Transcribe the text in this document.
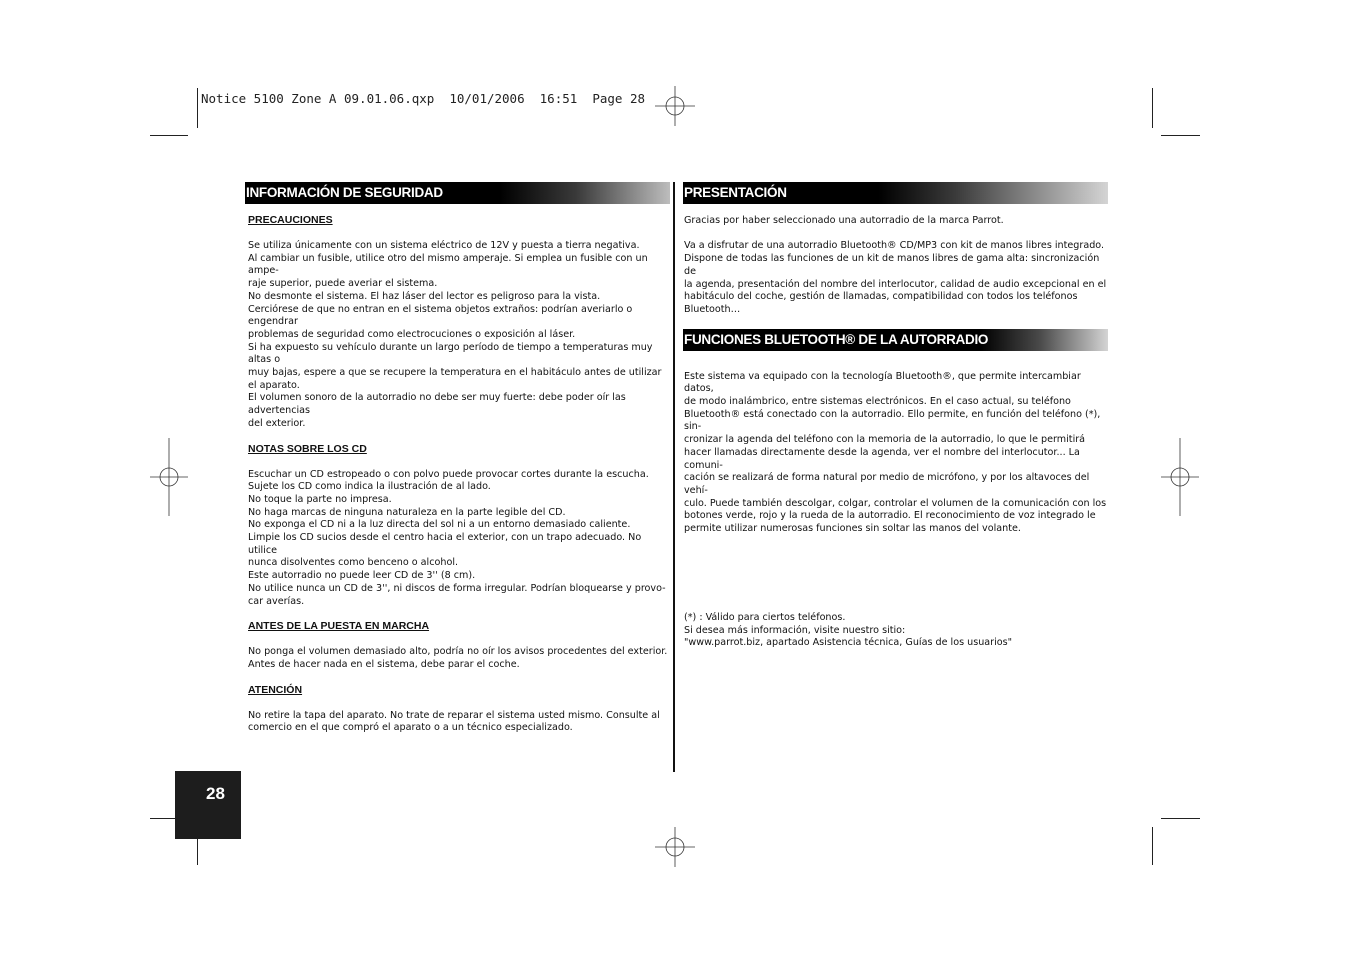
Notice 5100 Zone A 09.01.06.qxp  10/01/2006  16:51  Page 28
INFORMACIÓN DE SEGURIDAD

PRECAUCIONES

Se utiliza únicamente con un sistema eléctrico de 12V y puesta a tierra negativa.

Al cambiar un fusible, utilice otro del mismo amperaje. Si emplea un fusible con un ampe-

raje superior, puede averiar el sistema.

No desmonte el sistema. El haz láser del lector es peligroso para la vista.

Cerciórese de que no entran en el sistema objetos extraños: podrían averiarlo o engendrar

problemas de seguridad como electrocuciones o exposición al láser.

Si ha expuesto su vehículo durante un largo período de tiempo a temperaturas muy altas o

muy bajas, espere a que se recupere la temperatura en el habitáculo antes de utilizar

el aparato.

El volumen sonoro de la autorradio no debe ser muy fuerte: debe poder oír las advertencias

del exterior.

NOTAS SOBRE LOS CD

Escuchar un CD estropeado o con polvo puede provocar cortes durante la escucha.

Sujete los CD como indica la ilustración de al lado.

No toque la parte no impresa.

No haga marcas de ninguna naturaleza en la parte legible del CD.

No exponga el CD ni a la luz directa del sol ni a un entorno demasiado caliente.

Limpie los CD sucios desde el centro hacia el exterior, con un trapo adecuado. No utilice

nunca disolventes como benceno o alcohol.

Este autorradio no puede leer CD de 3'' (8 cm).

No utilice nunca un CD de 3'', ni discos de forma irregular. Podrían bloquearse y provo-

car averías.

ANTES DE LA PUESTA EN MARCHA

No ponga el volumen demasiado alto, podría no oír los avisos procedentes del exterior.

Antes de hacer nada en el sistema, debe parar el coche.

ATENCIÓN

No retire la tapa del aparato. No trate de reparar el sistema usted mismo. Consulte al

comercio en el que compró el aparato o a un técnico especializado.

PRESENTACIÓN

Gracias por haber seleccionado una autorradio de la marca Parrot.

Va a disfrutar de una autorradio Bluetooth® CD/MP3 con kit de manos libres integrado.

Dispone de todas las funciones de un kit de manos libres de gama alta: sincronización de

la agenda, presentación del nombre del interlocutor, calidad de audio excepcional en el

habitáculo del coche, gestión de llamadas, compatibilidad con todos los teléfonos

Bluetooth…

FUNCIONES BLUETOOTH® DE LA AUTORRADIO

Este sistema va equipado con la tecnología Bluetooth®, que permite intercambiar datos,

de modo inalámbrico, entre sistemas electrónicos. En el caso actual, su teléfono

Bluetooth® está conectado con la autorradio. Ello permite, en función del teléfono (*), sin-

cronizar la agenda del teléfono con la memoria de la autorradio, lo que le permitirá

hacer llamadas directamente desde la agenda, ver el nombre del interlocutor... La comuni-

cación se realizará de forma natural por medio de micrófono, y por los altavoces del vehí-

culo. Puede también descolgar, colgar, controlar el volumen de la comunicación con los

botones verde, rojo y la rueda de la autorradio. El reconocimiento de voz integrado le

permite utilizar numerosas funciones sin soltar las manos del volante.

(*) : Válido para ciertos teléfonos.

Si desea más información, visite nuestro sitio:

"www.parrot.biz, apartado Asistencia técnica, Guías de los usuarios"

28
